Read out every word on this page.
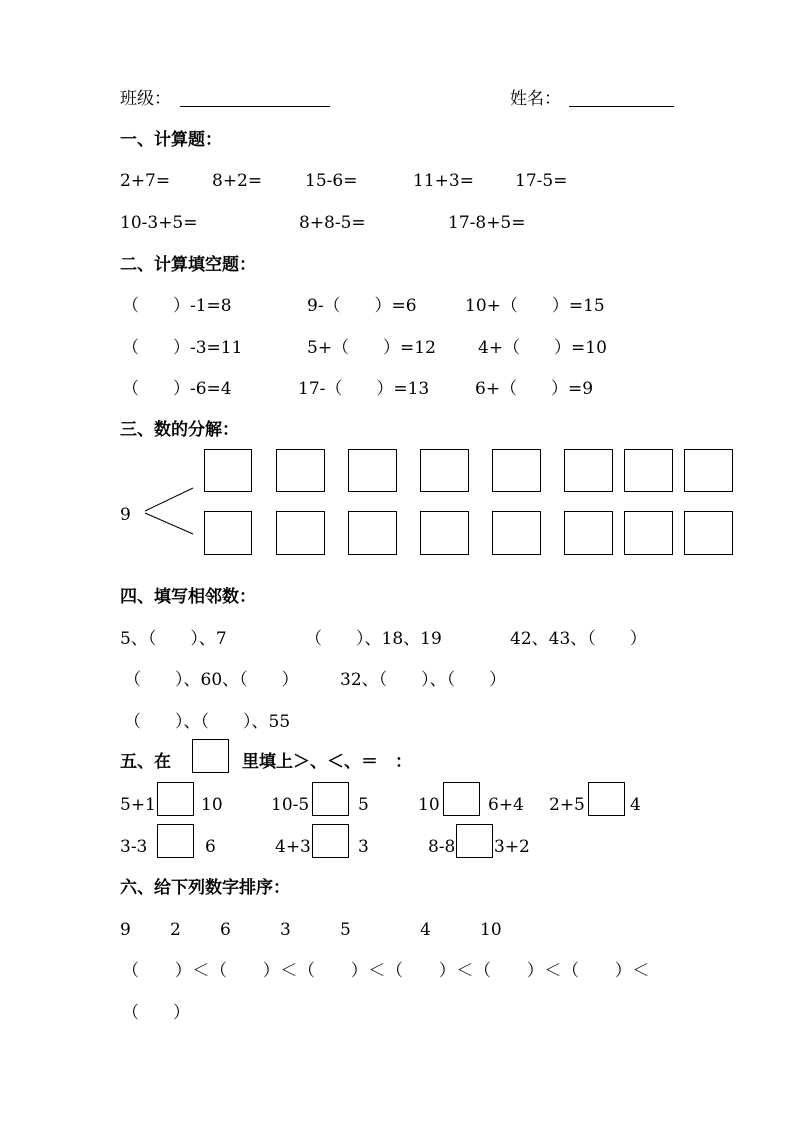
班级：	姓名：
一、计算题：
2+7= 8+2=	15-6=	11+3= 17-5=
10-3+5=	8+8-5=	17-8+5=
二、计算填空题：
（　　）-1=8	9-（　　）=6	10+（　　）=15
（　　）-3=11	5+（　　）=12 4+（　　）=10
（　　）-6=4	17-（　　）=13	6+（　　）=9
三、数的分解：
9
四、填写相邻数：
5、（　　）、7	（　　）、18、19	42、43、（　　）
（　　）、60、（　　） 32、（　　）、（　　）
（　　）、（　　）、55
五、在	里填上＞、＜、＝　：
5+1	10	10-5	5	10	6+4 2+5	4
3-3	6	4+3	3	8-8 3+2
六、给下列数字排序：
9 2 6	3	5	4	10
（　　）＜（　　）＜（　　）＜（　　）＜（　　）＜（　　）＜
（　　）
